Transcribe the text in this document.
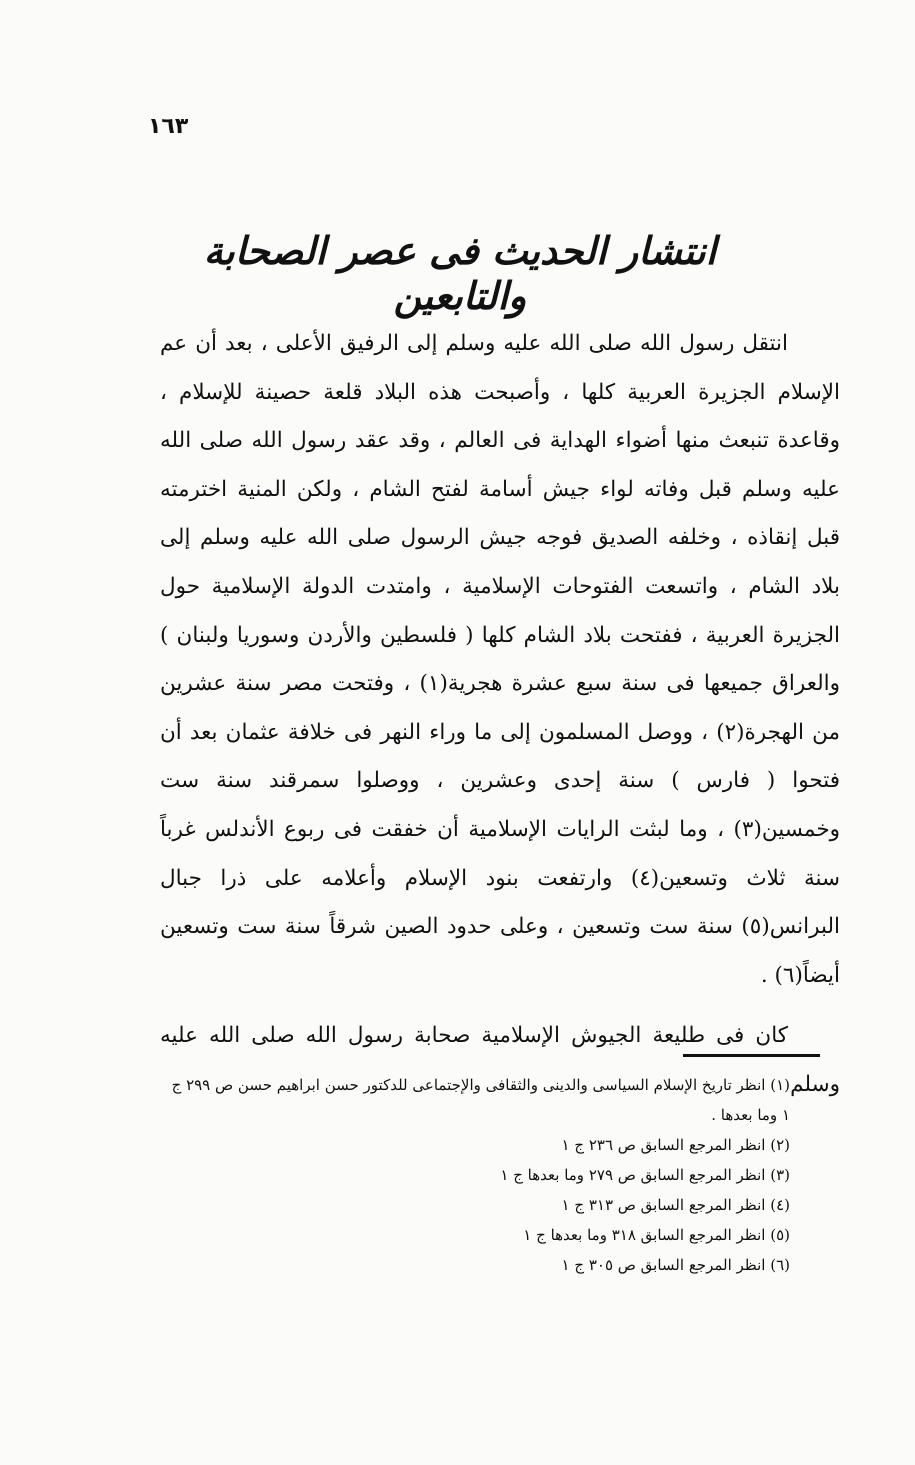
١٦٣
انتشار الحديث فى عصر الصحابة والتابعين

انتقل رسول الله صلى الله عليه وسلم إلى الرفيق الأعلى ، بعد أن عم الإسلام الجزيرة العربية كلها ، وأصبحت هذه البلاد قلعة حصينة للإسلام ، وقاعدة تنبعث منها أضواء الهداية فى العالم ، وقد عقد رسول الله صلى الله عليه وسلم قبل وفاته لواء جيش أسامة لفتح الشام ، ولكن المنية اخترمته قبل إنقاذه ، وخلفه الصديق فوجه جيش الرسول صلى الله عليه وسلم إلى بلاد الشام ، واتسعت الفتوحات الإسلامية ، وامتدت الدولة الإسلامية حول الجزيرة العربية ، ففتحت بلاد الشام كلها ( فلسطين والأردن وسوريا ولبنان ) والعراق جميعها فى سنة سبع عشرة هجرية(١) ، وفتحت مصر سنة عشرين من الهجرة(٢) ، ووصل المسلمون إلى ما وراء النهر فى خلافة عثمان بعد أن فتحوا ( فارس ) سنة إحدى وعشرين ، ووصلوا سمرقند سنة ست وخمسين(٣) ، وما لبثت الرايات الإسلامية أن خفقت فى ربوع الأندلس غرباً سنة ثلاث وتسعين(٤) وارتفعت بنود الإسلام وأعلامه على ذرا جبال البرانس(٥) سنة ست وتسعين ، وعلى حدود الصين شرقاً سنة ست وتسعين أيضاً(٦) .

كان فى طليعة الجيوش الإسلامية صحابة رسول الله صلى الله عليه وسلم

(١) انظر تاريخ الإسلام السياسى والدينى والثقافى والإجتماعى للدكتور حسن ابراهيم حسن ص ٢٩٩ ج ١ وما بعدها .

(٢) انظر المرجع السابق ص ٢٣٦ ج ١

(٣) انظر المرجع السابق ص ٢٧٩ وما بعدها ج ١

(٤) انظر المرجع السابق ص ٣١٣ ج ١

(٥) انظر المرجع السابق ٣١٨ وما بعدها ج ١

(٦) انظر المرجع السابق ص ٣٠٥ ج ١
